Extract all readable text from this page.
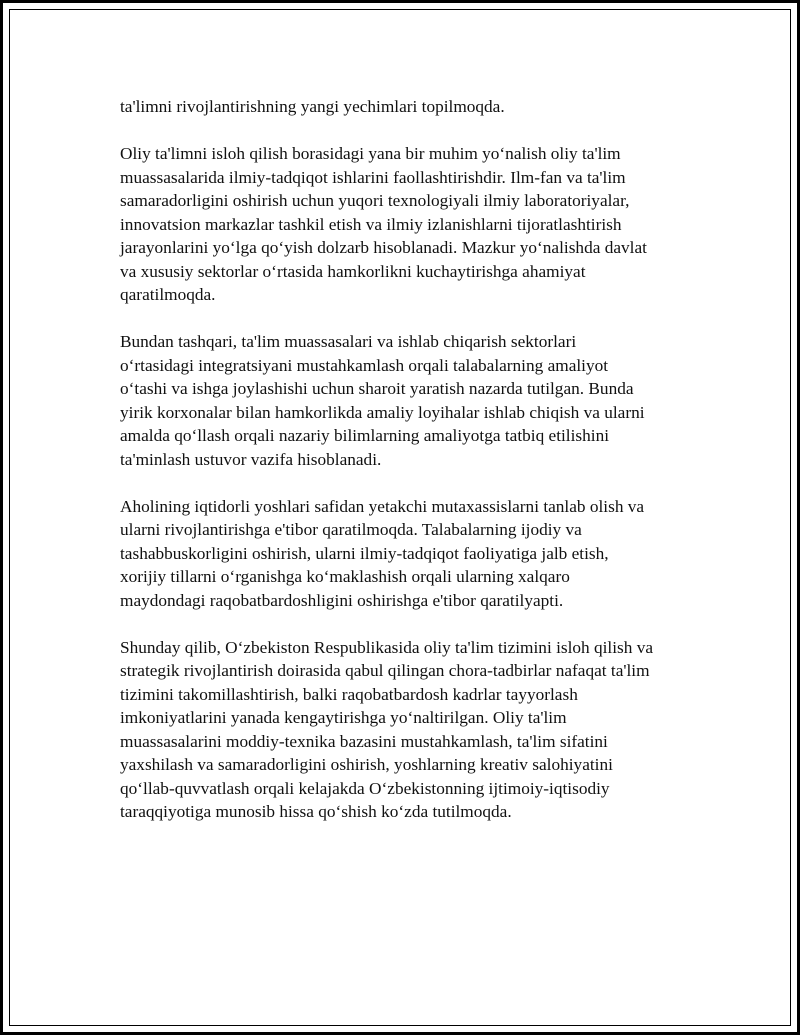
ta'limni rivojlantirishning yangi yechimlari topilmoqda.

Oliy ta'limni isloh qilish borasidagi yana bir muhim yo‘nalish oliy ta'lim
muassasalarida ilmiy-tadqiqot ishlarini faollashtirishdir. Ilm-fan va ta'lim
samaradorligini oshirish uchun yuqori texnologiyali ilmiy laboratoriyalar,
innovatsion markazlar tashkil etish va ilmiy izlanishlarni tijoratlashtirish
jarayonlarini yo‘lga qo‘yish dolzarb hisoblanadi. Mazkur yo‘nalishda davlat
va xususiy sektorlar o‘rtasida hamkorlikni kuchaytirishga ahamiyat
qaratilmoqda.

Bundan tashqari, ta'lim muassasalari va ishlab chiqarish sektorlari
o‘rtasidagi integratsiyani mustahkamlash orqali talabalarning amaliyot
o‘tashi va ishga joylashishi uchun sharoit yaratish nazarda tutilgan. Bunda
yirik korxonalar bilan hamkorlikda amaliy loyihalar ishlab chiqish va ularni
amalda qo‘llash orqali nazariy bilimlarning amaliyotga tatbiq etilishini
ta'minlash ustuvor vazifa hisoblanadi.

Aholining iqtidorli yoshlari safidan yetakchi mutaxassislarni tanlab olish va
ularni rivojlantirishga e'tibor qaratilmoqda. Talabalarning ijodiy va
tashabbuskorligini oshirish, ularni ilmiy-tadqiqot faoliyatiga jalb etish,
xorijiy tillarni o‘rganishga ko‘maklashish orqali ularning xalqaro
maydondagi raqobatbardoshligini oshirishga e'tibor qaratilyapti.

Shunday qilib, O‘zbekiston Respublikasida oliy ta'lim tizimini isloh qilish va
strategik rivojlantirish doirasida qabul qilingan chora-tadbirlar nafaqat ta'lim
tizimini takomillashtirish, balki raqobatbardosh kadrlar tayyorlash
imkoniyatlarini yanada kengaytirishga yo‘naltirilgan. Oliy ta'lim
muassasalarini moddiy-texnika bazasini mustahkamlash, ta'lim sifatini
yaxshilash va samaradorligini oshirish, yoshlarning kreativ salohiyatini
qo‘llab-quvvatlash orqali kelajakda O‘zbekistonning ijtimoiy-iqtisodiy
taraqqiyotiga munosib hissa qo‘shish ko‘zda tutilmoqda.
